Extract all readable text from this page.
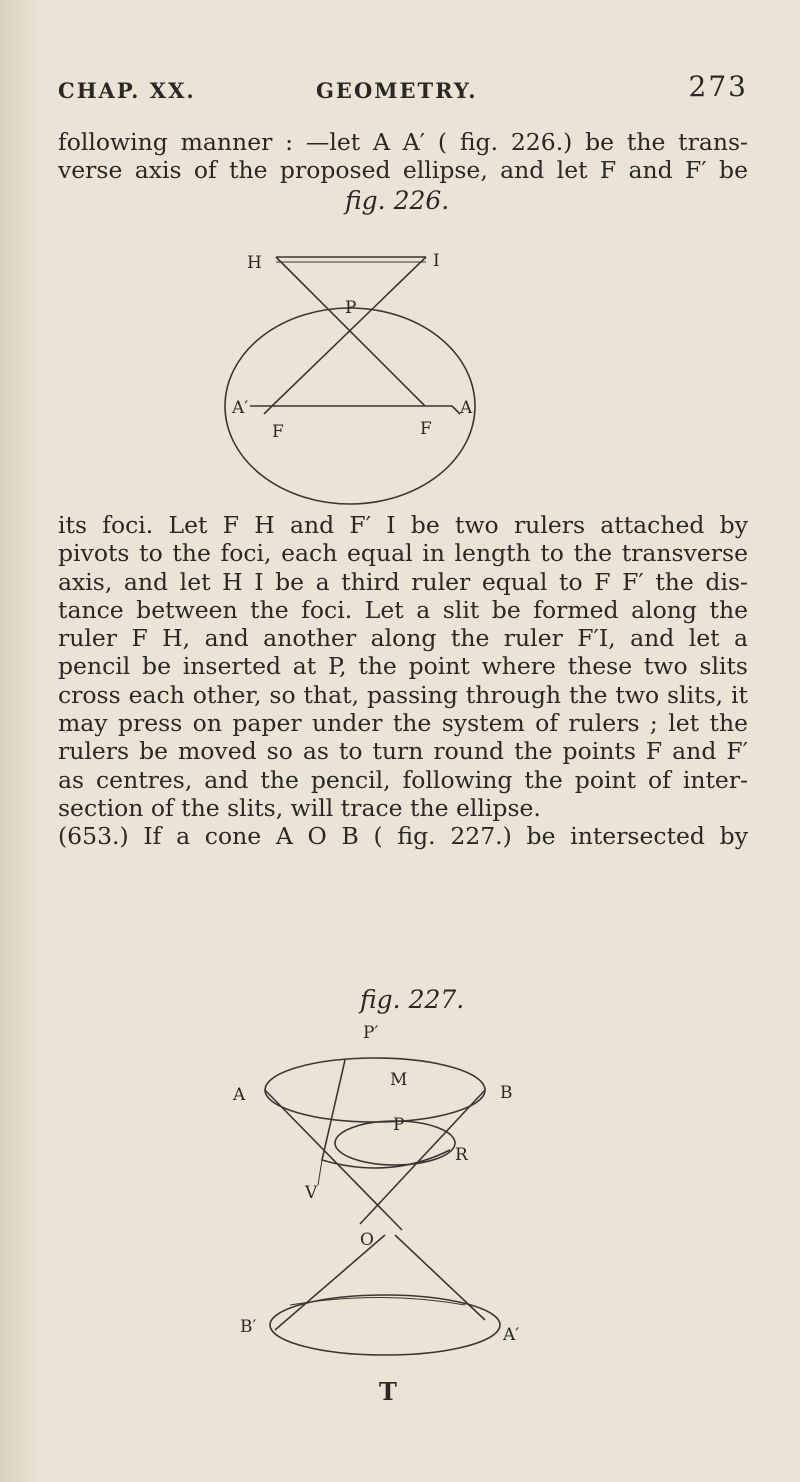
CHAP. XX.	GEOMETRY.	273
following manner : —let A A′ ( fig. 226.) be the trans-
verse axis of the proposed ellipse, and let F and F′ be
fig. 226.
H	I
P
A′	A
F	F
its foci. Let F H and F′ I be two rulers attached by
pivots to the foci, each equal in length to the transverse
axis, and let H I be a third ruler equal to F F′ the dis-
tance between the foci. Let a slit be formed along the
ruler F H, and another along the ruler F′I, and let a
pencil be inserted at P, the point where these two slits
cross each other, so that, passing through the two slits, it
may press on paper under the system of rulers ; let the
rulers be moved so as to turn round the points F and F′
as centres, and the pencil, following the point of inter-
section of the slits, will trace the ellipse.
(653.) If a cone A O B ( fig. 227.) be intersected by
fig. 227.
A
P′
M
B
P
R
V
O
B′	A′
T
